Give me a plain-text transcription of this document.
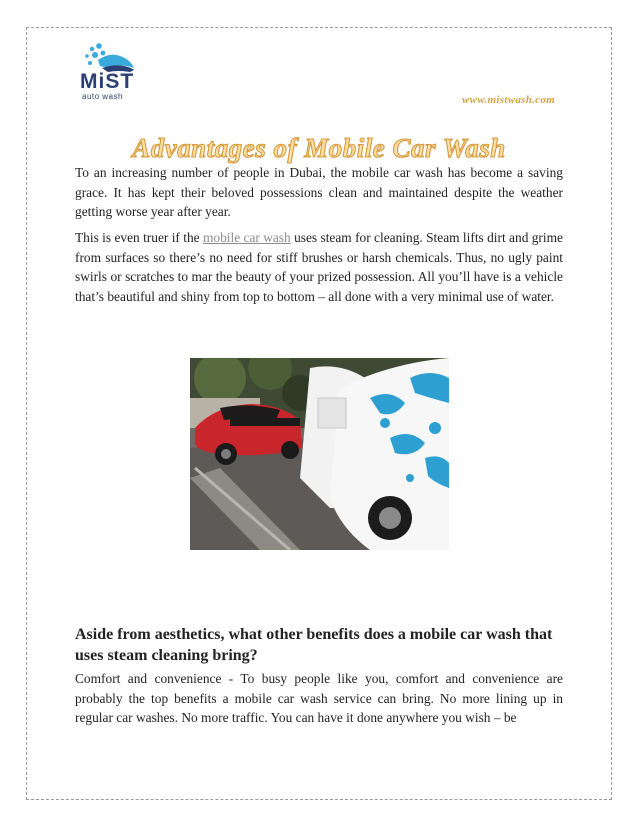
MiST
auto wash	www.mistwash.com
Advantages of Mobile Car Wash

To an increasing number of people in Dubai, the mobile car wash has become a saving grace. It has kept their beloved possessions clean and maintained despite the weather getting worse year after year.

This is even truer if the mobile car wash uses steam for cleaning. Steam lifts dirt and grime from surfaces so there’s no need for stiff brushes or harsh chemicals. Thus, no ugly paint swirls or scratches to mar the beauty of your prized possession. All you’ll have is a vehicle that’s beautiful and shiny from top to bottom – all done with a very minimal use of water.

Aside from aesthetics, what other benefits does a mobile car wash that uses steam cleaning bring?

Comfort and convenience - To busy people like you, comfort and convenience are probably the top benefits a mobile car wash service can bring. No more lining up in regular car washes. No more traffic. You can have it done anywhere you wish – be
